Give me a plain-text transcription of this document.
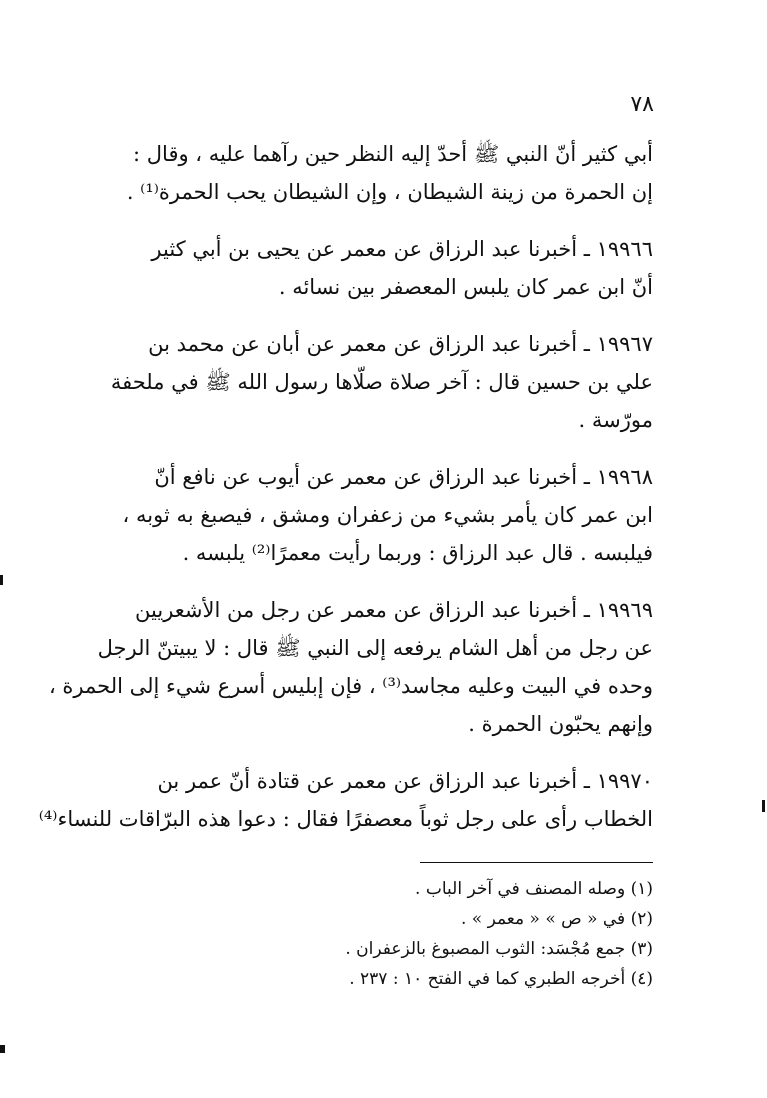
٧٨
أبي كثير أنّ النبي ﷺ أحدّ إليه النظر حين رآهما عليه ، وقال :
إن الحمرة من زينة الشيطان ، وإن الشيطان يحب الحمرة⁽¹⁾ .
١٩٩٦٦ ـ أخبرنا عبد الرزاق عن معمر عن يحيى بن أبي كثير
أنّ ابن عمر كان يلبس المعصفر بين نسائه .
١٩٩٦٧ ـ أخبرنا عبد الرزاق عن معمر عن أبان عن محمد بن
علي بن حسين قال : آخر صلاة صلّاها رسول الله ﷺ في ملحفة
مورّسة .
١٩٩٦٨ ـ أخبرنا عبد الرزاق عن معمر عن أيوب عن نافع أنّ
ابن عمر كان يأمر بشيء من زعفران ومشق ، فيصبغ به ثوبه ،
فيلبسه . قال عبد الرزاق : وربما رأيت معمرًا⁽²⁾ يلبسه .
١٩٩٦٩ ـ أخبرنا عبد الرزاق عن معمر عن رجل من الأشعريين
عن رجل من أهل الشام يرفعه إلى النبي ﷺ قال : لا يبيتنّ الرجل
وحده في البيت وعليه مجاسد⁽³⁾ ، فإن إبليس أسرع شيء إلى الحمرة ،
وإنهم يحبّون الحمرة .
١٩٩٧٠ ـ أخبرنا عبد الرزاق عن معمر عن قتادة أنّ عمر بن
الخطاب رأى على رجل ثوباً معصفرًا فقال : دعوا هذه البرّاقات للنساء⁽⁴⁾
(١) وصله المصنف في آخر الباب .
(٢) في « ص » « معمر » .
(٣) جمع مُجْسَد: الثوب المصبوغ بالزعفران .
(٤) أخرجه الطبري كما في الفتح ١٠ : ٢٣٧ .
